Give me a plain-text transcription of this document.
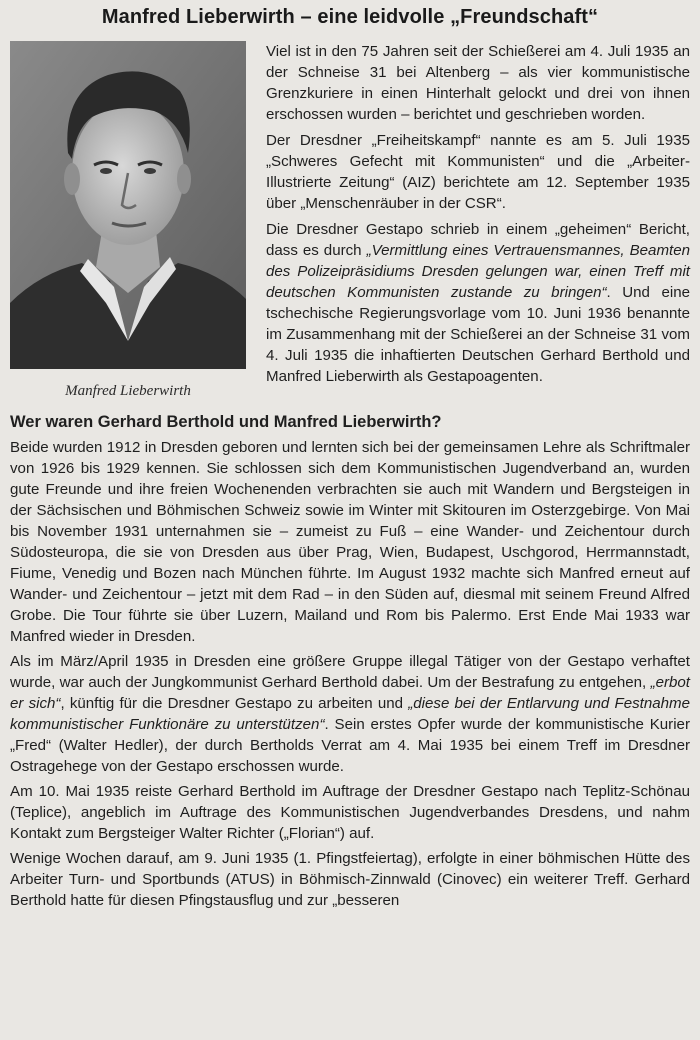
Manfred Lieberwirth – eine leidvolle „Freundschaft“
Manfred Lieberwirth

Viel ist in den 75 Jahren seit der Schießerei am 4. Juli 1935 an der Schneise 31 bei Altenberg – als vier kommunistische Grenzkuriere in einen Hinterhalt gelockt und drei von ihnen erschossen wurden – berichtet und geschrieben worden.

Der Dresdner „Freiheitskampf“ nannte es am 5. Juli 1935 „Schweres Gefecht mit Kommunisten“ und die „Arbeiter-Illustrierte Zeitung“ (AIZ) berichtete am 12. September 1935 über „Menschenräuber in der CSR“.

Die Dresdner Gestapo schrieb in einem „geheimen“ Bericht, dass es durch „Vermittlung eines Vertrauensmannes, Beamten des Polizeipräsidiums Dresden gelungen war, einen Treff mit deutschen Kommunisten zustande zu bringen“. Und eine tschechische Regierungsvorlage vom 10. Juni 1936 benannte im Zusammenhang mit der Schießerei an der Schneise 31 vom 4. Juli 1935 die inhaftierten Deutschen Gerhard Berthold und Manfred Lieberwirth als Gestapoagenten.

Wer waren Gerhard Berthold und Manfred Lieberwirth?

Beide wurden 1912 in Dresden geboren und lernten sich bei der gemeinsamen Lehre als Schriftmaler von 1926 bis 1929 kennen. Sie schlossen sich dem Kommunistischen Jugendverband an, wurden gute Freunde und ihre freien Wochenenden verbrachten sie auch mit Wandern und Bergsteigen in der Sächsischen und Böhmischen Schweiz sowie im Winter mit Skitouren im Osterzgebirge. Von Mai bis November 1931 unternahmen sie – zumeist zu Fuß – eine Wander- und Zeichentour durch Südosteuropa, die sie von Dresden aus über Prag, Wien, Budapest, Uschgorod, Herrmannstadt, Fiume, Venedig und Bozen nach München führte. Im August 1932 machte sich Manfred erneut auf Wander- und Zeichentour – jetzt mit dem Rad – in den Süden auf, diesmal mit seinem Freund Alfred Grobe. Die Tour führte sie über Luzern, Mailand und Rom bis Palermo. Erst Ende Mai 1933 war Manfred wieder in Dresden.

Als im März/April 1935 in Dresden eine größere Gruppe illegal Tätiger von der Gestapo verhaftet wurde, war auch der Jungkommunist Gerhard Berthold dabei. Um der Bestrafung zu entgehen, „erbot er sich“, künftig für die Dresdner Gestapo zu arbeiten und „diese bei der Entlarvung und Festnahme kommunistischer Funktionäre zu unterstützen“. Sein erstes Opfer wurde der kommunistische Kurier „Fred“ (Walter Hedler), der durch Bertholds Verrat am 4. Mai 1935 bei einem Treff im Dresdner Ostragehege von der Gestapo erschossen wurde.

Am 10. Mai 1935 reiste Gerhard Berthold im Auftrage der Dresdner Gestapo nach Teplitz-Schönau (Teplice), angeblich im Auftrage des Kommunistischen Jugendverbandes Dresdens, und nahm Kontakt zum Bergsteiger Walter Richter („Florian“) auf.

Wenige Wochen darauf, am 9. Juni 1935 (1. Pfingstfeiertag), erfolgte in einer böhmischen Hütte des Arbeiter Turn- und Sportbunds (ATUS) in Böhmisch-Zinnwald (Cinovec) ein weiterer Treff. Gerhard Berthold hatte für diesen Pfingstausflug und zur „besseren
